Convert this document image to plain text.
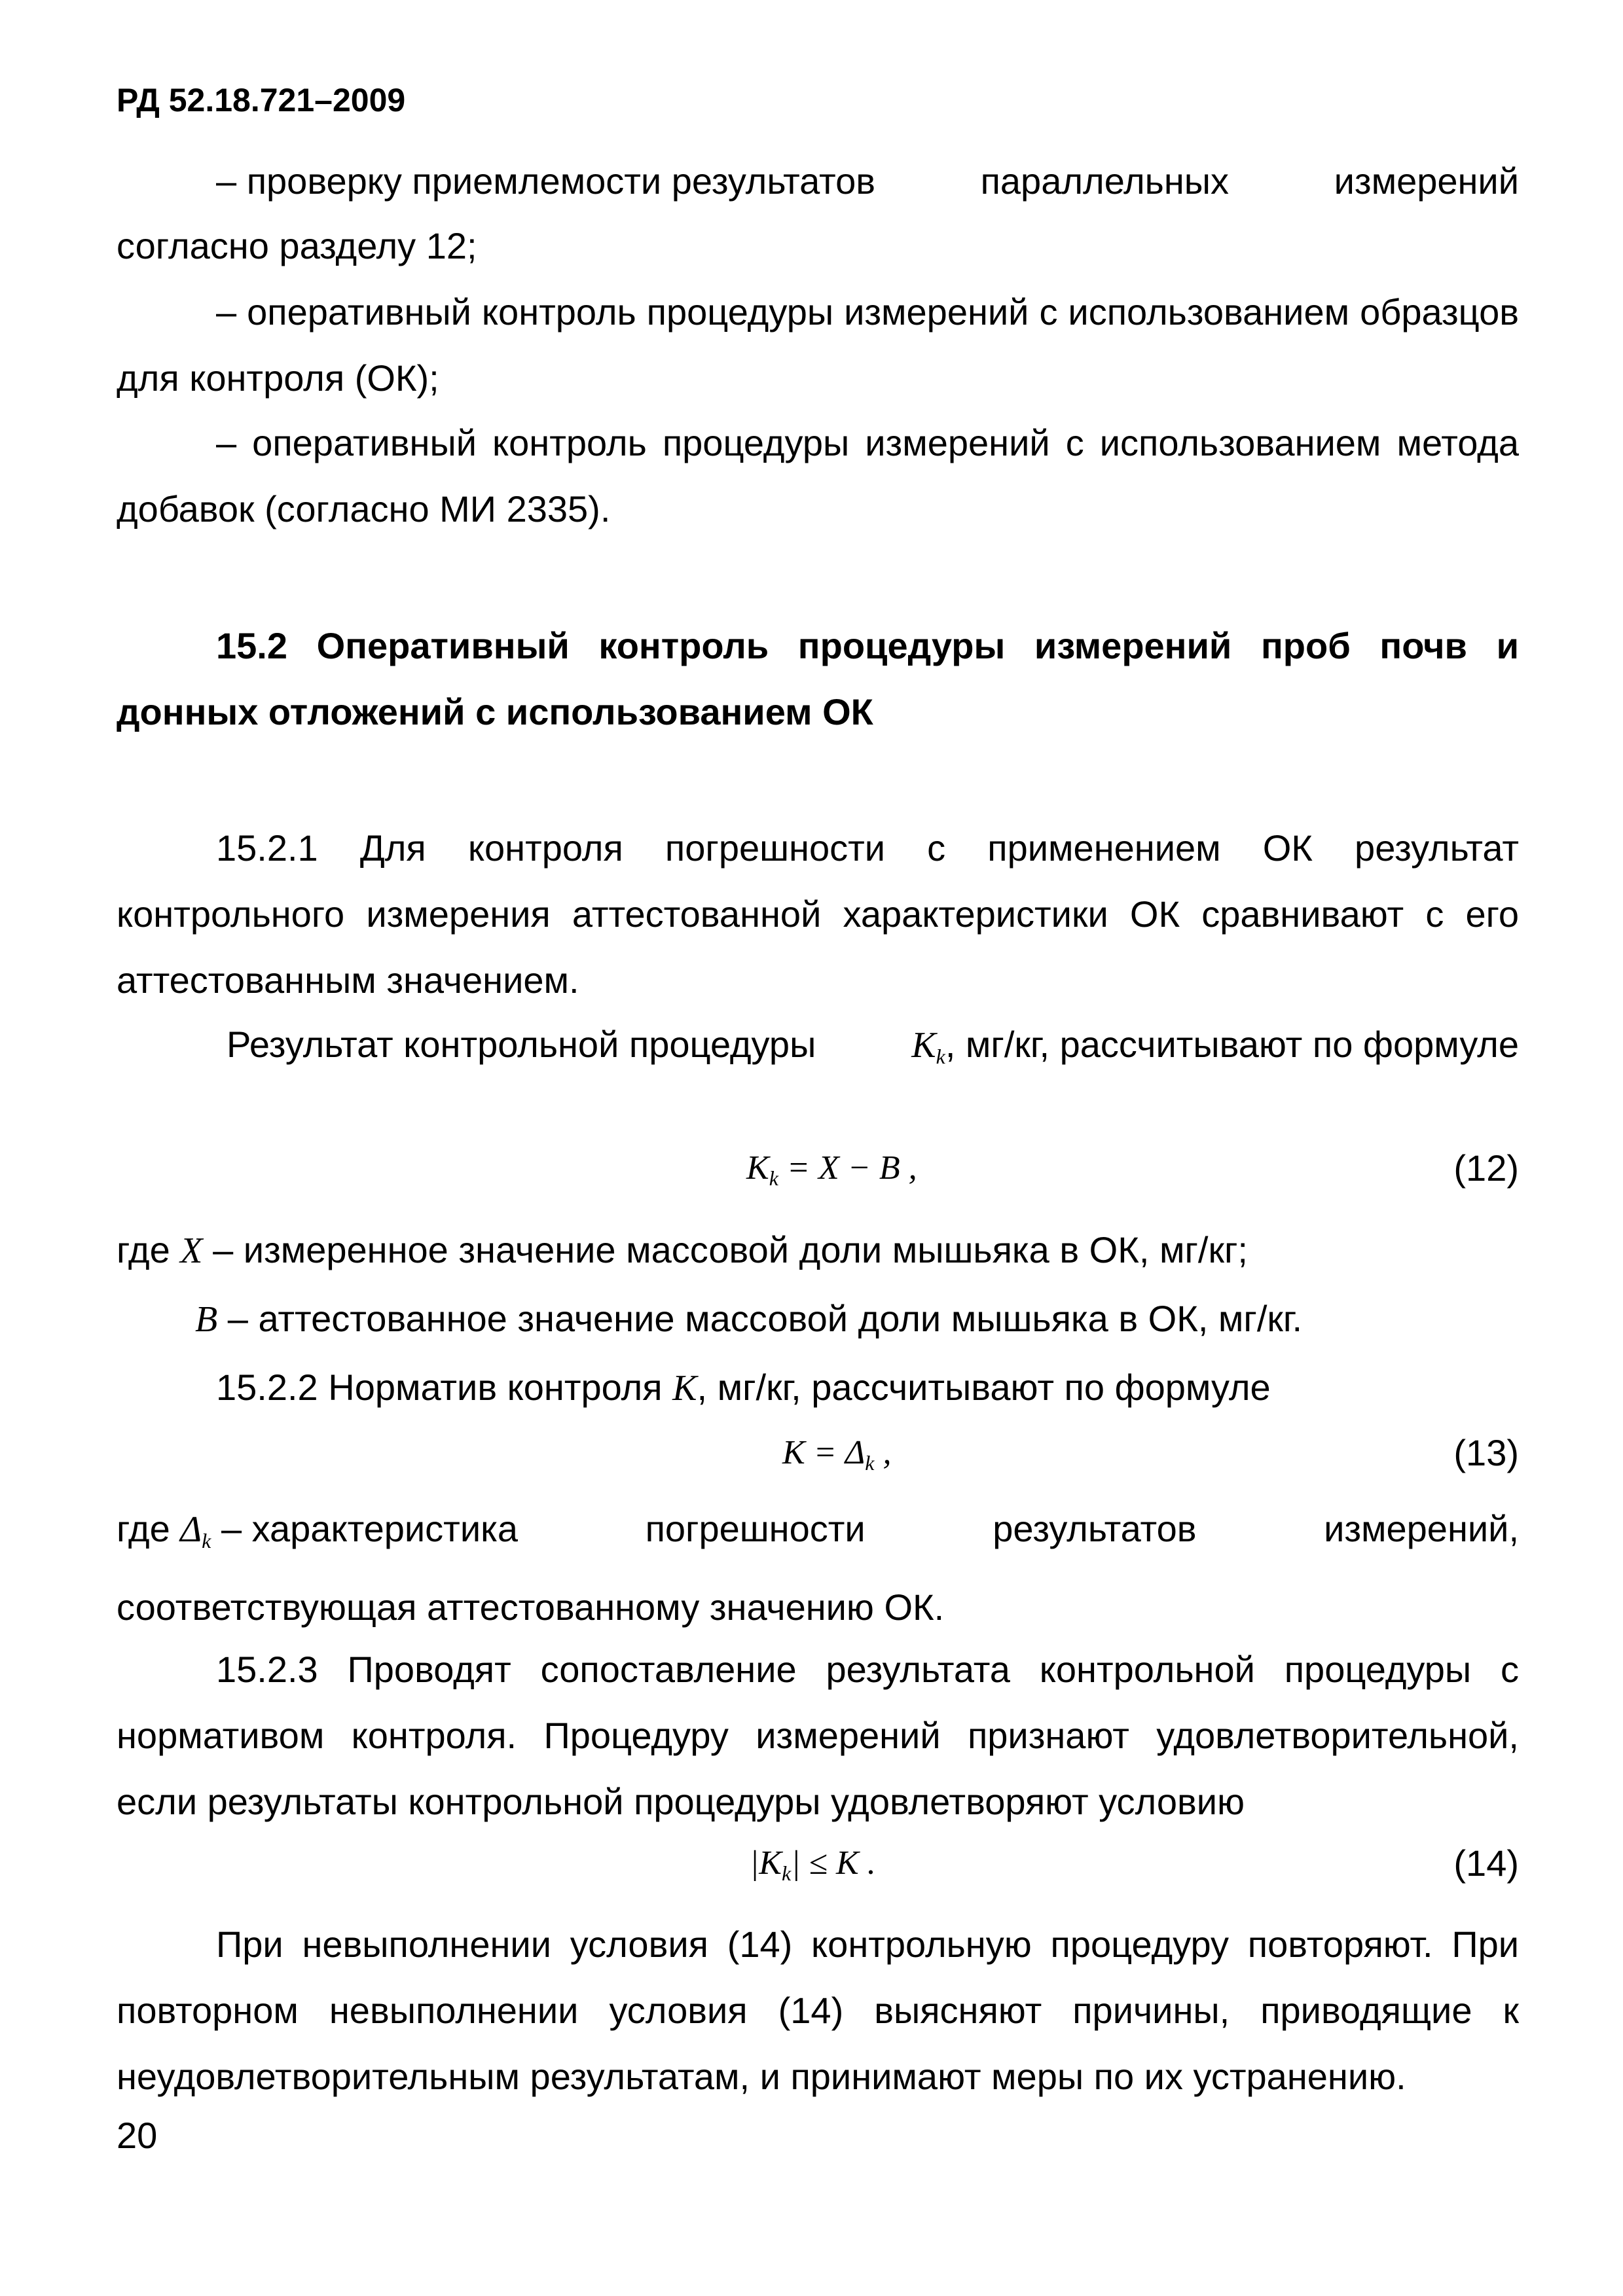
РД 52.18.721–2009
– проверку приемлемости результатов	параллельных	измерений
согласно разделу 12;
– оперативный контроль процедуры измерений с использованием образцов для контроля (ОК);
– оперативный контроль процедуры измерений с использованием метода добавок (согласно МИ 2335).
15.2 Оперативный контроль процедуры измерений проб почв и донных отложений с использованием ОК
15.2.1 Для контроля погрешности с применением ОК результат контрольного измерения аттестованной характеристики ОК сравнивают с его аттестованным значением.
Результат контрольной процедуры	$K_k$, мг/кг, рассчитывают по формуле
$K_k = X - B$ ,	(12)
где X – измеренное значение массовой доли мышьяка в ОК, мг/кг;
B – аттестованное значение массовой доли мышьяка в ОК, мг/кг.
15.2.2 Норматив контроля K, мг/кг, рассчитывают по формуле
$K = \Delta_k$ ,	(13)
где $\Delta_k$ – характеристика	погрешности	результатов	измерений,
соответствующая аттестованному значению ОК.
15.2.3 Проводят сопоставление результата контрольной процедуры с нормативом контроля. Процедуру измерений признают удовлетворительной, если результаты контрольной процедуры удовлетворяют условию
$|K_k| \le K$ .	(14)
При невыполнении условия (14) контрольную процедуру повторяют. При повторном невыполнении условия (14) выясняют причины, приводящие к неудовлетворительным результатам, и принимают меры по их устранению.
20
